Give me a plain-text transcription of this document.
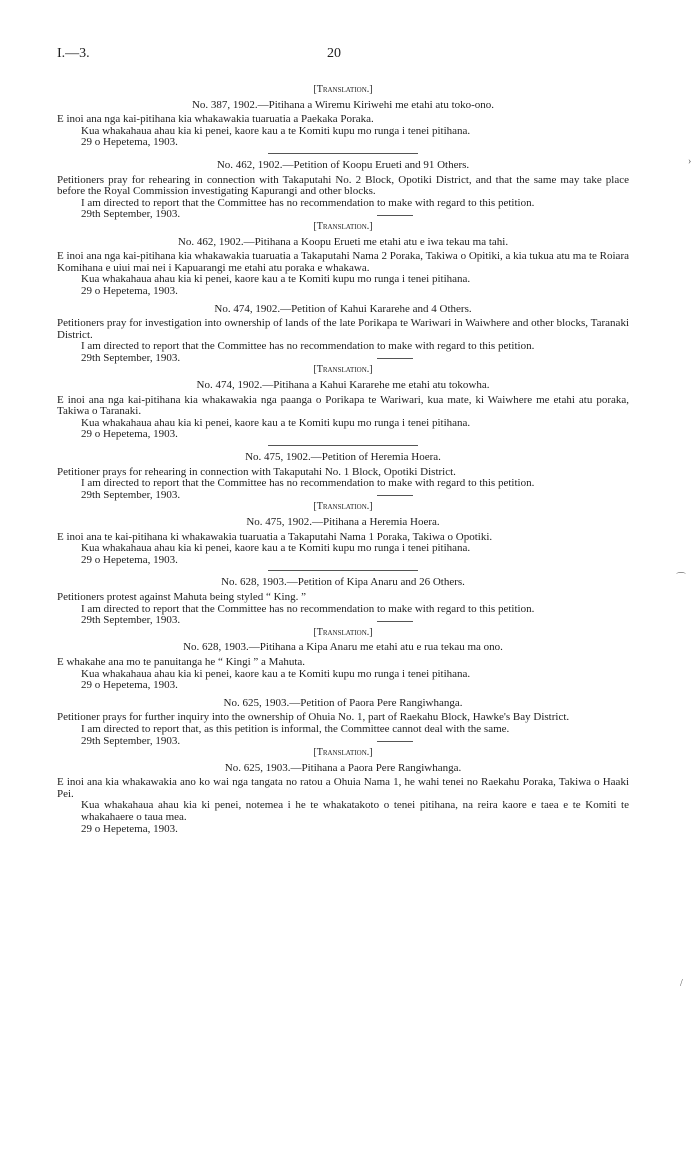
I.—3.	20

[Translation.]

No. 387, 1902.—Pitihana a Wiremu Kiriwehi me etahi atu toko-ono.

E inoi ana nga kai-pitihana kia whakawakia tuaruatia a Paekaka Poraka.

Kua whakahaua ahau kia ki penei, kaore kau a te Komiti kupu mo runga i tenei pitihana.

29 o Hepetema, 1903.

No. 462, 1902.—Petition of Koopu Erueti and 91 Others.

Petitioners pray for rehearing in connection with Takaputahi No. 2 Block, Opotiki District, and that the same may take place before the Royal Commission investigating Kapurangi and other blocks.

I am directed to report that the Committee has no recommendation to make with regard to this petition.

29th September, 1903.

[Translation.]

No. 462, 1902.—Pitihana a Koopu Erueti me etahi atu e iwa tekau ma tahi.

E inoi ana nga kai-pitihana kia whakawakia tuaruatia a Takaputahi Nama 2 Poraka, Takiwa o Opitiki, a kia tukua atu ma te Roiara Komihana e uiui mai nei i Kapuarangi me etahi atu poraka e whakawa.

Kua whakahaua ahau kia ki penei, kaore kau a te Komiti kupu mo runga i tenei pitihana.

29 o Hepetema, 1903.

No. 474, 1902.—Petition of Kahui Kararehe and 4 Others.

Petitioners pray for investigation into ownership of lands of the late Porikapa te Wariwari in Waiwhere and other blocks, Taranaki District.

I am directed to report that the Committee has no recommendation to make with regard to this petition.

29th September, 1903.

[Translation.]

No. 474, 1902.—Pitihana a Kahui Kararehe me etahi atu tokowha.

E inoi ana nga kai-pitihana kia whakawakia nga paanga o Porikapa te Wariwari, kua mate, ki Waiwhere me etahi atu poraka, Takiwa o Taranaki.

Kua whakahaua ahau kia ki penei, kaore kau a te Komiti kupu mo runga i tenei pitihana.

29 o Hepetema, 1903.

No. 475, 1902.—Petition of Heremia Hoera.

Petitioner prays for rehearing in connection with Takaputahi No. 1 Block, Opotiki District.

I am directed to report that the Committee has no recommendation to make with regard to this petition.

29th September, 1903.

[Translation.]

No. 475, 1902.—Pitihana a Heremia Hoera.

E inoi ana te kai-pitihana ki whakawakia tuaruatia a Takaputahi Nama 1 Poraka, Takiwa o Opotiki.

Kua whakahaua ahau kia ki penei, kaore kau a te Komiti kupu mo runga i tenei pitihana.

29 o Hepetema, 1903.

No. 628, 1903.—Petition of Kipa Anaru and 26 Others.

Petitioners protest against Mahuta being styled “ King. ”

I am directed to report that the Committee has no recommendation to make with regard to this petition.

29th September, 1903.

[Translation.]

No. 628, 1903.—Pitihana a Kipa Anaru me etahi atu e rua tekau ma ono.

E whakahe ana mo te panuitanga he “ Kingi ” a Mahuta.

Kua whakahaua ahau kia ki penei, kaore kau a te Komiti kupu mo runga i tenei pitihana.

29 o Hepetema, 1903.

No. 625, 1903.—Petition of Paora Pere Rangiwhanga.

Petitioner prays for further inquiry into the ownership of Ohuia No. 1, part of Raekahu Block, Hawke's Bay District.

I am directed to report that, as this petition is informal, the Committee cannot deal with the same.

29th September, 1903.

[Translation.]

No. 625, 1903.—Pitihana a Paora Pere Rangiwhanga.

E inoi ana kia whakawakia ano ko wai nga tangata no ratou a Ohuia Nama 1, he wahi tenei no Raekahu Poraka, Takiwa o Haaki Pei.

Kua whakahaua ahau kia ki penei, notemea i he te whakatakoto o tenei pitihana, na reira kaore e taea e te Komiti te whakahaere o taua mea.

29 o Hepetema, 1903.

›
⌒
/
